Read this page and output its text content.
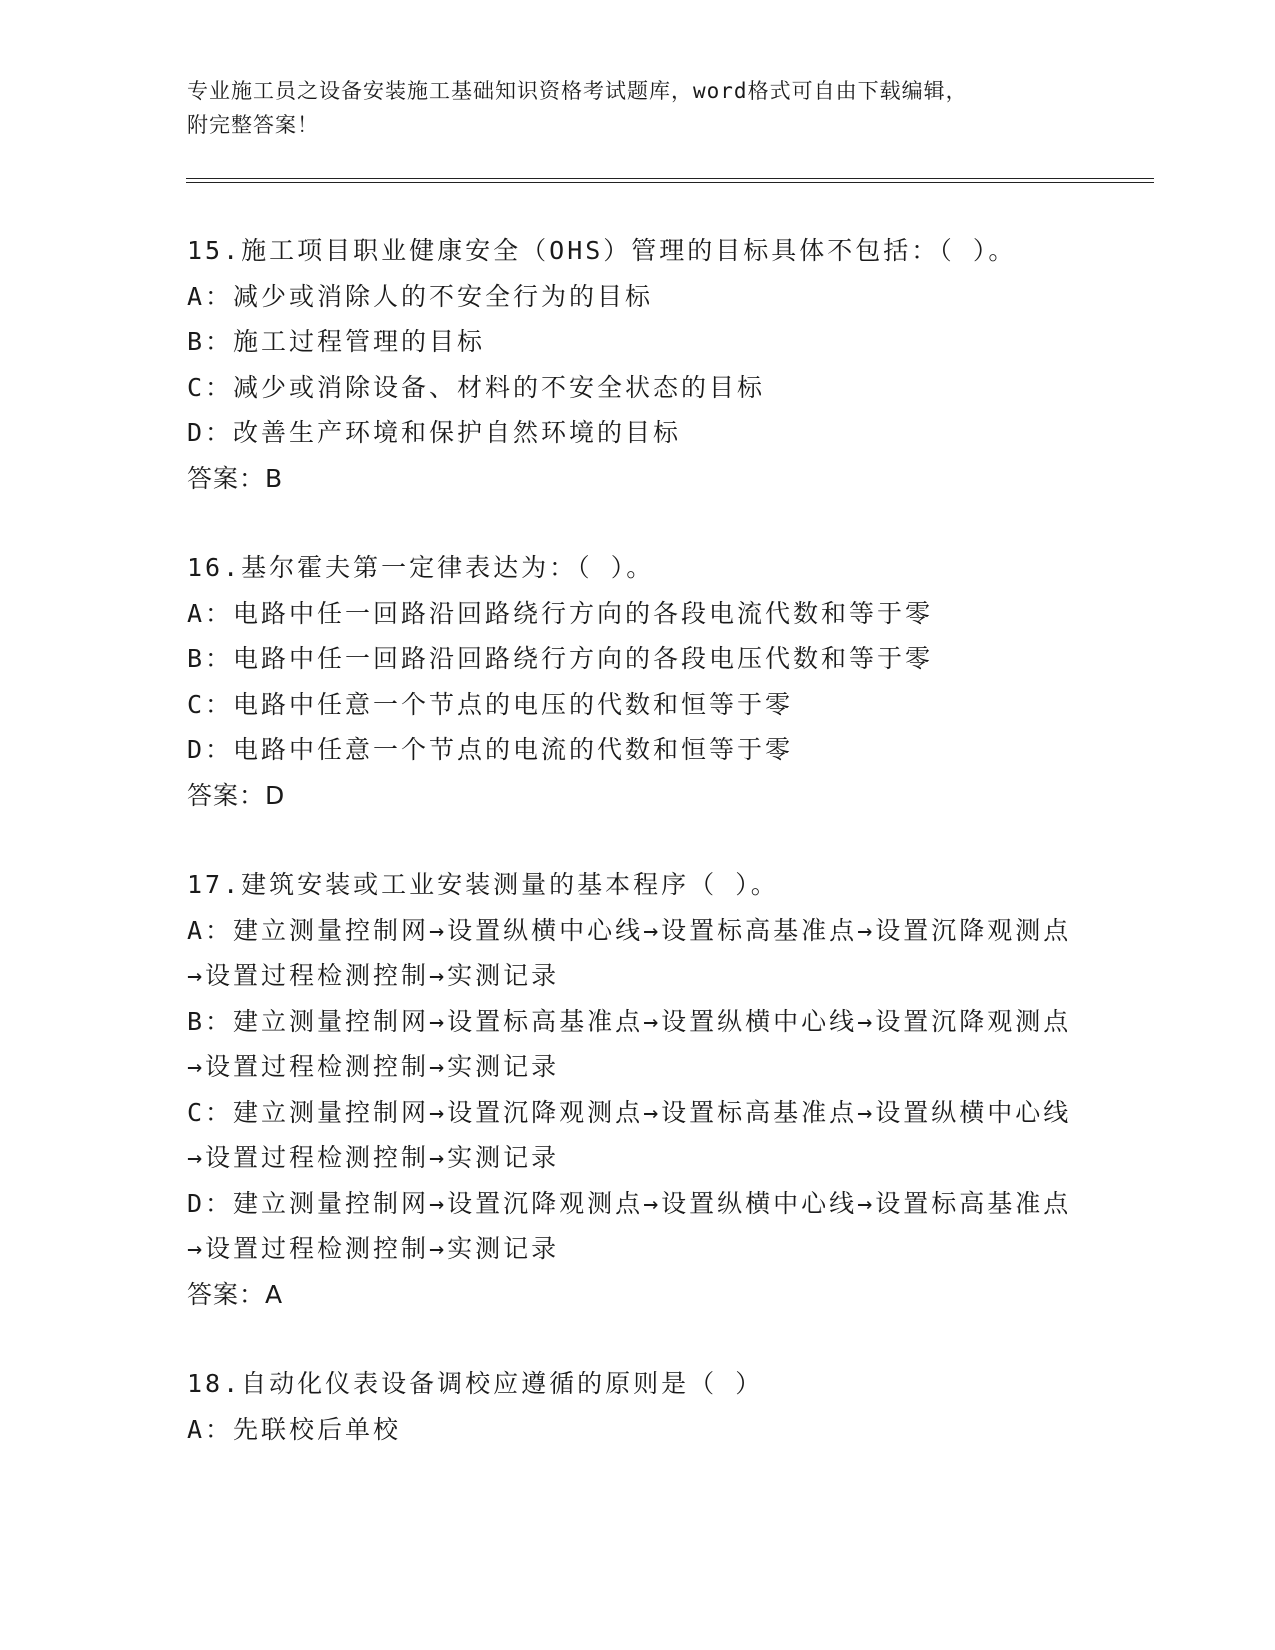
专业施工员之设备安装施工基础知识资格考试题库，word格式可自由下载编辑，
附完整答案！
15.施工项目职业健康安全（OHS）管理的目标具体不包括：（ ）。
A：减少或消除人的不安全行为的目标
B：施工过程管理的目标
C：减少或消除设备、材料的不安全状态的目标
D：改善生产环境和保护自然环境的目标
答案：B
16.基尔霍夫第一定律表达为：（ ）。
A：电路中任一回路沿回路绕行方向的各段电流代数和等于零
B：电路中任一回路沿回路绕行方向的各段电压代数和等于零
C：电路中任意一个节点的电压的代数和恒等于零
D：电路中任意一个节点的电流的代数和恒等于零
答案：D
17.建筑安装或工业安装测量的基本程序（ ）。
A：建立测量控制网→设置纵横中心线→设置标高基准点→设置沉降观测点→设置过程检测控制→实测记录
B：建立测量控制网→设置标高基准点→设置纵横中心线→设置沉降观测点→设置过程检测控制→实测记录
C：建立测量控制网→设置沉降观测点→设置标高基准点→设置纵横中心线→设置过程检测控制→实测记录
D：建立测量控制网→设置沉降观测点→设置纵横中心线→设置标高基准点→设置过程检测控制→实测记录
答案：A
18.自动化仪表设备调校应遵循的原则是（ ）
A：先联校后单校
